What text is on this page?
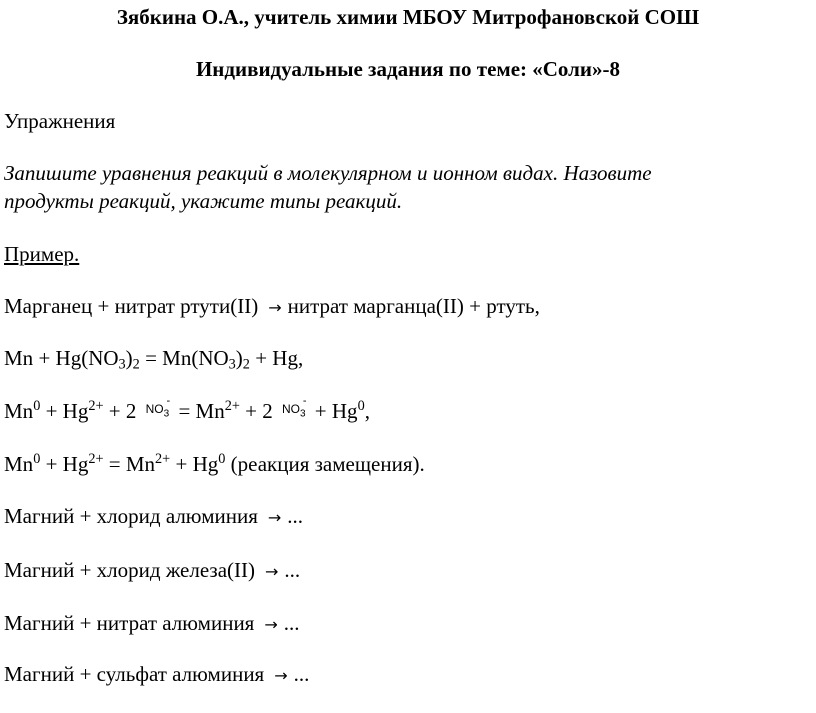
Зябкина О.А., учитель химии МБОУ Митрофановской СОШ
Индивидуальные задания по теме: «Соли»-8
Упражнения
Запишите уравнения реакций в молекулярном и ионном видах. Назовите
продукты реакций, укажите типы реакций.
Пример.
Марганец + нитрат ртути(II) → нитрат марганца(II) + ртуть,
$Mn + Hg(NO_3)_2 = Mn(NO_3)_2 + Hg$,
$Mn^0 + Hg^{2+} + 2$ $NO_3$
- = $Mn^{2+} + 2$ $NO_3$
- + $Hg^0$,
$Mn^0 + Hg^{2+} = Mn^{2+} + Hg^0$ (реакция замещения).
Магний + хлорид алюминия → ...
Магний + хлорид железа(II) → ...
Магний + нитрат алюминия → ...
Магний + сульфат алюминия → ...
